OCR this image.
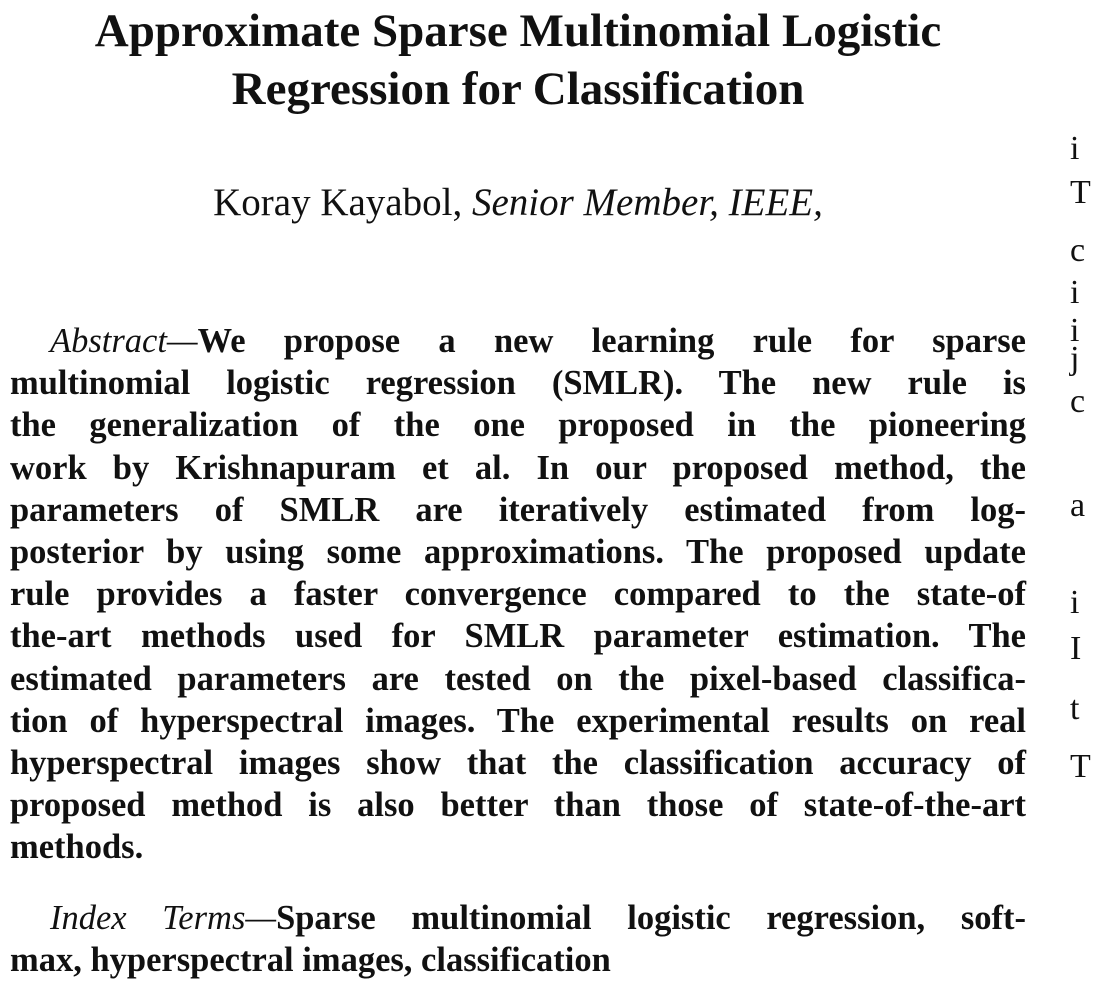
Approximate Sparse Multinomial Logistic
Regression for Classification
Koray Kayabol, Senior Member, IEEE,
Abstract—We propose a new learning rule for sparse
multinomial logistic regression (SMLR). The new rule is
the generalization of the one proposed in the pioneering
work by Krishnapuram et al. In our proposed method, the
parameters of SMLR are iteratively estimated from log-
posterior by using some approximations. The proposed update
rule provides a faster convergence compared to the state-of
the-art methods used for SMLR parameter estimation. The
estimated parameters are tested on the pixel-based classifica-
tion of hyperspectral images. The experimental results on real
hyperspectral images show that the classification accuracy of
proposed method is also better than those of state-of-the-art
methods.
Index Terms—Sparse multinomial logistic regression, soft-
max, hyperspectral images, classification
i
T
c
i
i
j
c
a
i
I
t
T
